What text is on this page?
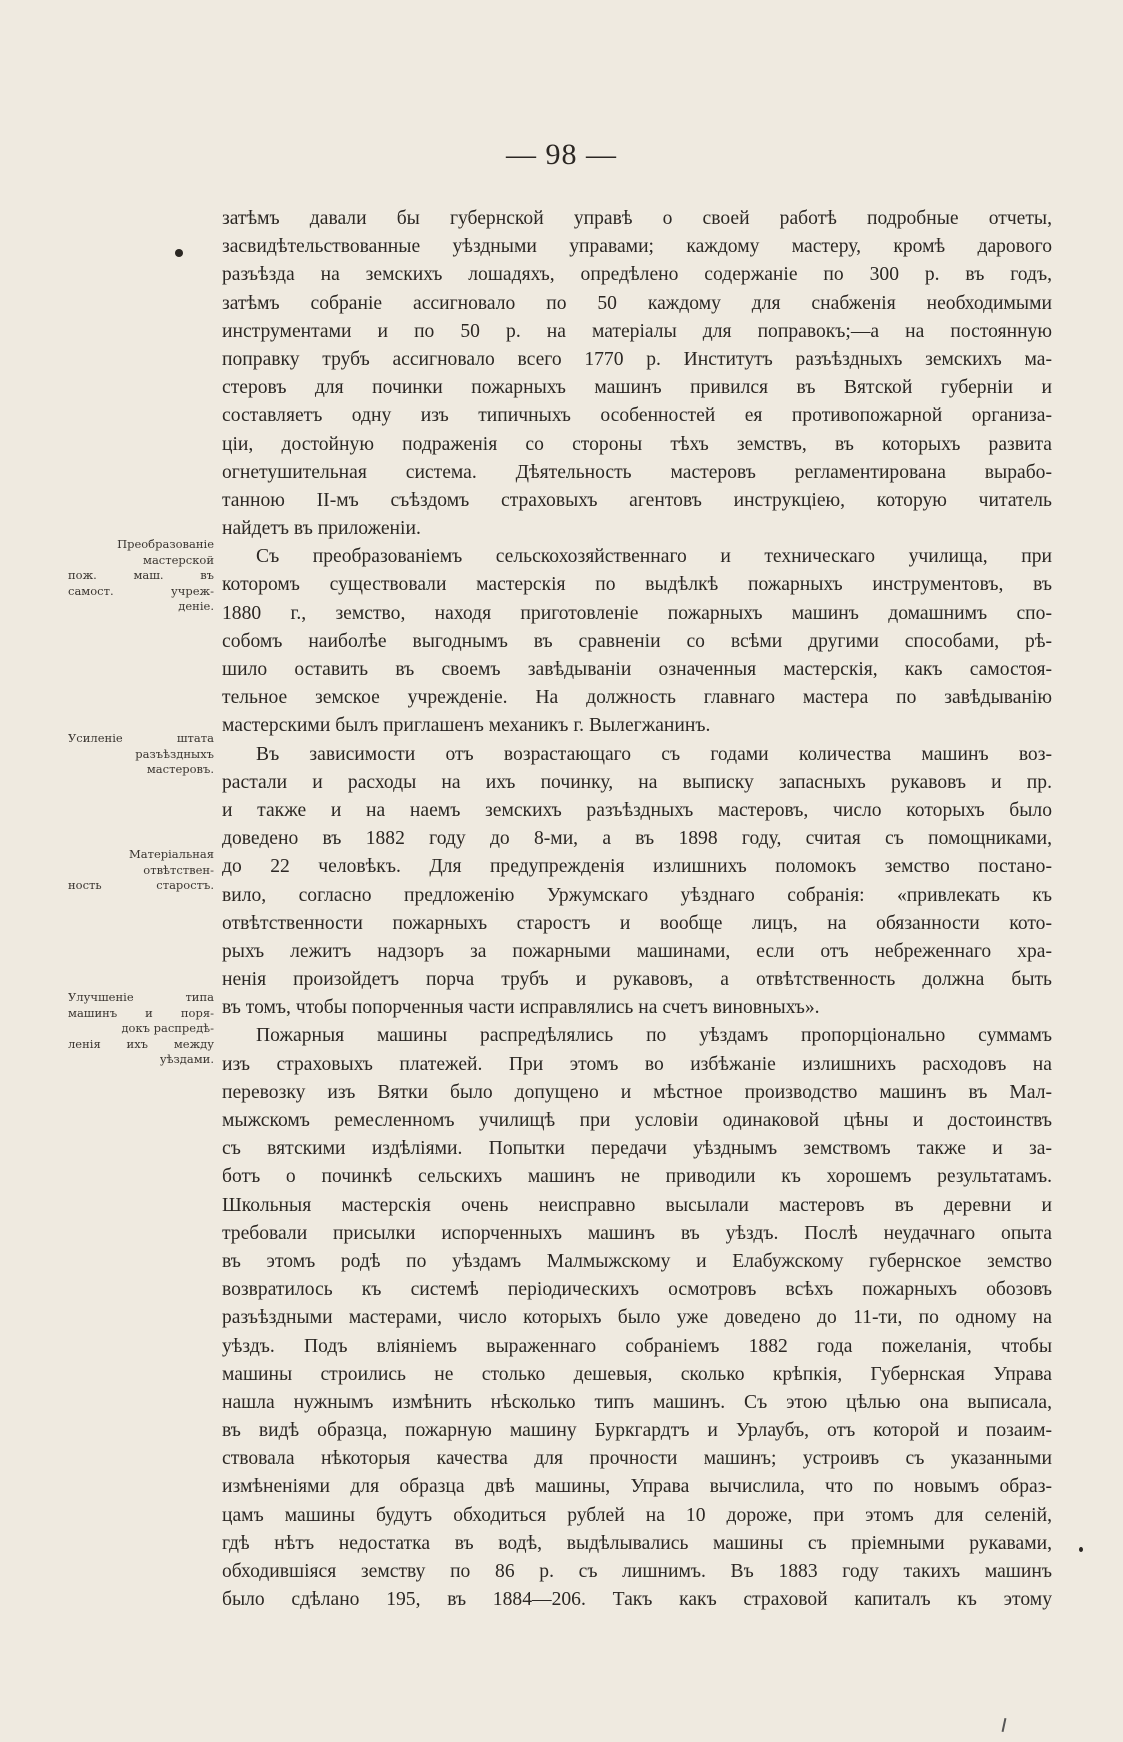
— 98 —
Преобразованіе
мастерской
пож. маш. въ
самост. учреж-
деніе.
Усиленіе штата
разъѣздныхъ
мастеровъ.
Матеріальная
отвѣтствен-
ность старостъ.
Улучшеніе типа
машинъ и поря-
докъ распредѣ-
ленія ихъ между
уѣздами.
затѣмъ давали бы губернской управѣ о своей работѣ подробные отчеты,
засвидѣтельствованные уѣздными управами; каждому мастеру, кромѣ дарового
разъѣзда на земскихъ лошадяхъ, опредѣлено содержаніе по 300 р. въ годъ,
затѣмъ собраніе ассигновало по 50 каждому для снабженія необходимыми
инструментами и по 50 р. на матеріалы для поправокъ;—а на постоянную
поправку трубъ ассигновало всего 1770 р. Институтъ разъѣздныхъ земскихъ ма-
стеровъ для починки пожарныхъ машинъ привился въ Вятской губерніи и
составляетъ одну изъ типичныхъ особенностей ея противопожарной организа-
ціи, достойную подраженія со стороны тѣхъ земствъ, въ которыхъ развита
огнетушительная система. Дѣятельность мастеровъ регламентирована вырабо-
танною II-мъ съѣздомъ страховыхъ агентовъ инструкціею, которую читатель
найдетъ въ приложеніи.
Съ преобразованіемъ сельскохозяйственнаго и техническаго училища, при
которомъ существовали мастерскія по выдѣлкѣ пожарныхъ инструментовъ, въ
1880 г., земство, находя приготовленіе пожарныхъ машинъ домашнимъ спо-
собомъ наиболѣе выгоднымъ въ сравненіи со всѣми другими способами, рѣ-
шило оставить въ своемъ завѣдываніи означенныя мастерскія, какъ самостоя-
тельное земское учрежденіе. На должность главнаго мастера по завѣдыванію
мастерскими былъ приглашенъ механикъ г. Вылегжанинъ.
Въ зависимости отъ возрастающаго съ годами количества машинъ воз-
растали и расходы на ихъ починку, на выписку запасныхъ рукавовъ и пр.
и также и на наемъ земскихъ разъѣздныхъ мастеровъ, число которыхъ было
доведено въ 1882 году до 8-ми, а въ 1898 году, считая съ помощниками,
до 22 человѣкъ. Для предупрежденія излишнихъ поломокъ земство постано-
вило, согласно предложенію Уржумскаго уѣзднаго собранія: «привлекать къ
отвѣтственности пожарныхъ старостъ и вообще лицъ, на обязанности кото-
рыхъ лежитъ надзоръ за пожарными машинами, если отъ небреженнаго хра-
ненія произойдетъ порча трубъ и рукавовъ, а отвѣтственность должна быть
въ томъ, чтобы попорченныя части исправлялись на счетъ виновныхъ».
Пожарныя машины распредѣлялись по уѣздамъ пропорціонально суммамъ
изъ страховыхъ платежей. При этомъ во избѣжаніе излишнихъ расходовъ на
перевозку изъ Вятки было допущено и мѣстное производство машинъ въ Мал-
мыжскомъ ремесленномъ училищѣ при условіи одинаковой цѣны и достоинствъ
съ вятскими издѣліями. Попытки передачи уѣзднымъ земствомъ также и за-
ботъ о починкѣ сельскихъ машинъ не приводили къ хорошемъ результатамъ.
Школьныя мастерскія очень неисправно высылали мастеровъ въ деревни и
требовали присылки испорченныхъ машинъ въ уѣздъ. Послѣ неудачнаго опыта
въ этомъ родѣ по уѣздамъ Малмыжскому и Елабужскому губернское земство
возвратилось къ системѣ періодическихъ осмотровъ всѣхъ пожарныхъ обозовъ
разъѣздными мастерами, число которыхъ было уже доведено до 11-ти, по одному на
уѣздъ. Подъ вліяніемъ выраженнаго собраніемъ 1882 года пожеланія, чтобы
машины строились не столько дешевыя, сколько крѣпкія, Губернская Управа
нашла нужнымъ измѣнить нѣсколько типъ машинъ. Съ этою цѣлью она выписала,
въ видѣ образца, пожарную машину Буркгардтъ и Урлаубъ, отъ которой и позаим-
ствовала нѣкоторыя качества для прочности машинъ; устроивъ съ указанными
измѣненіями для образца двѣ машины, Управа вычислила, что по новымъ образ-
цамъ машины будутъ обходиться рублей на 10 дороже, при этомъ для селеній,
гдѣ нѣтъ недостатка въ водѣ, выдѣлывались машины съ пріемными рукавами,
обходившіяся земству по 86 р. съ лишнимъ. Въ 1883 году такихъ машинъ
было сдѣлано 195, въ 1884—206. Такъ какъ страховой капиталъ къ этому
